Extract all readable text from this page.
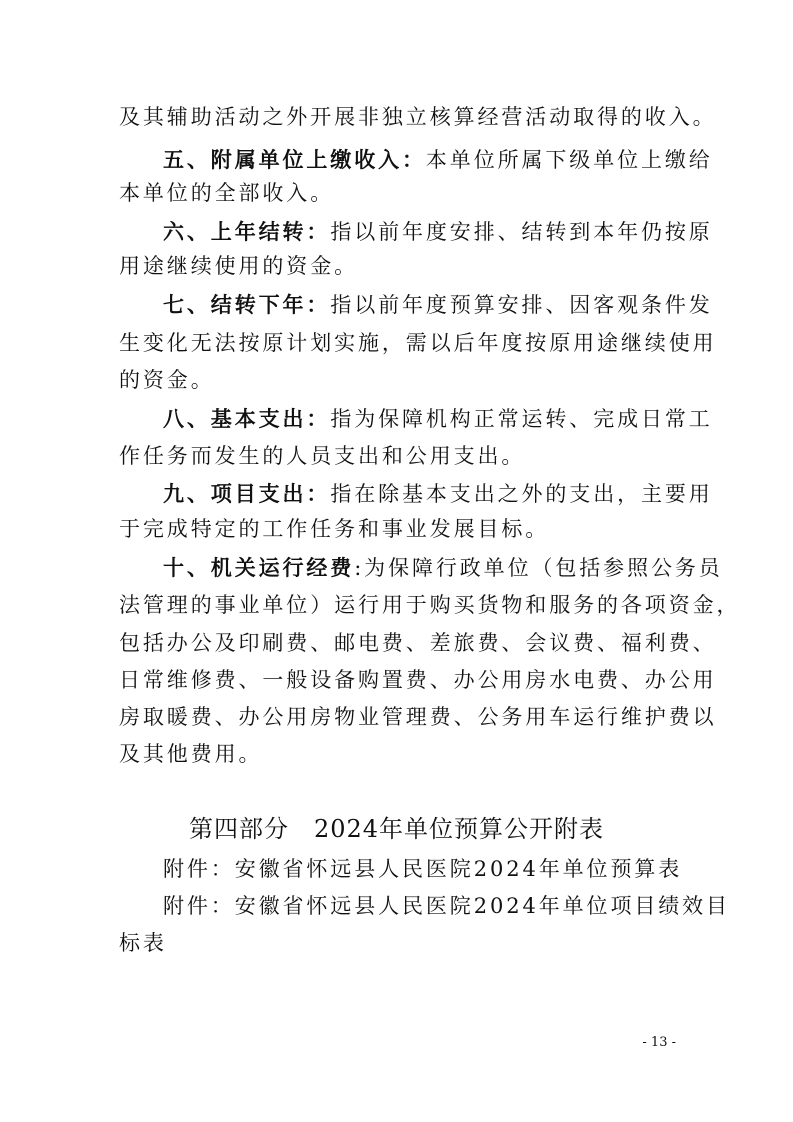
及其辅助活动之外开展非独立核算经营活动取得的收入。
五、附属单位上缴收入：本单位所属下级单位上缴给
本单位的全部收入。
六、上年结转：指以前年度安排、结转到本年仍按原
用途继续使用的资金。
七、结转下年：指以前年度预算安排、因客观条件发
生变化无法按原计划实施，需以后年度按原用途继续使用
的资金。
八、基本支出：指为保障机构正常运转、完成日常工
作任务而发生的人员支出和公用支出。
九、项目支出：指在除基本支出之外的支出，主要用
于完成特定的工作任务和事业发展目标。
十、机关运行经费:为保障行政单位（包括参照公务员
法管理的事业单位）运行用于购买货物和服务的各项资金，
包括办公及印刷费、邮电费、差旅费、会议费、福利费、
日常维修费、一般设备购置费、办公用房水电费、办公用
房取暖费、办公用房物业管理费、公务用车运行维护费以
及其他费用。
第四部分　2024年单位预算公开附表
附件：安徽省怀远县人民医院2024年单位预算表
附件：安徽省怀远县人民医院2024年单位项目绩效目
标表
- 13 -
